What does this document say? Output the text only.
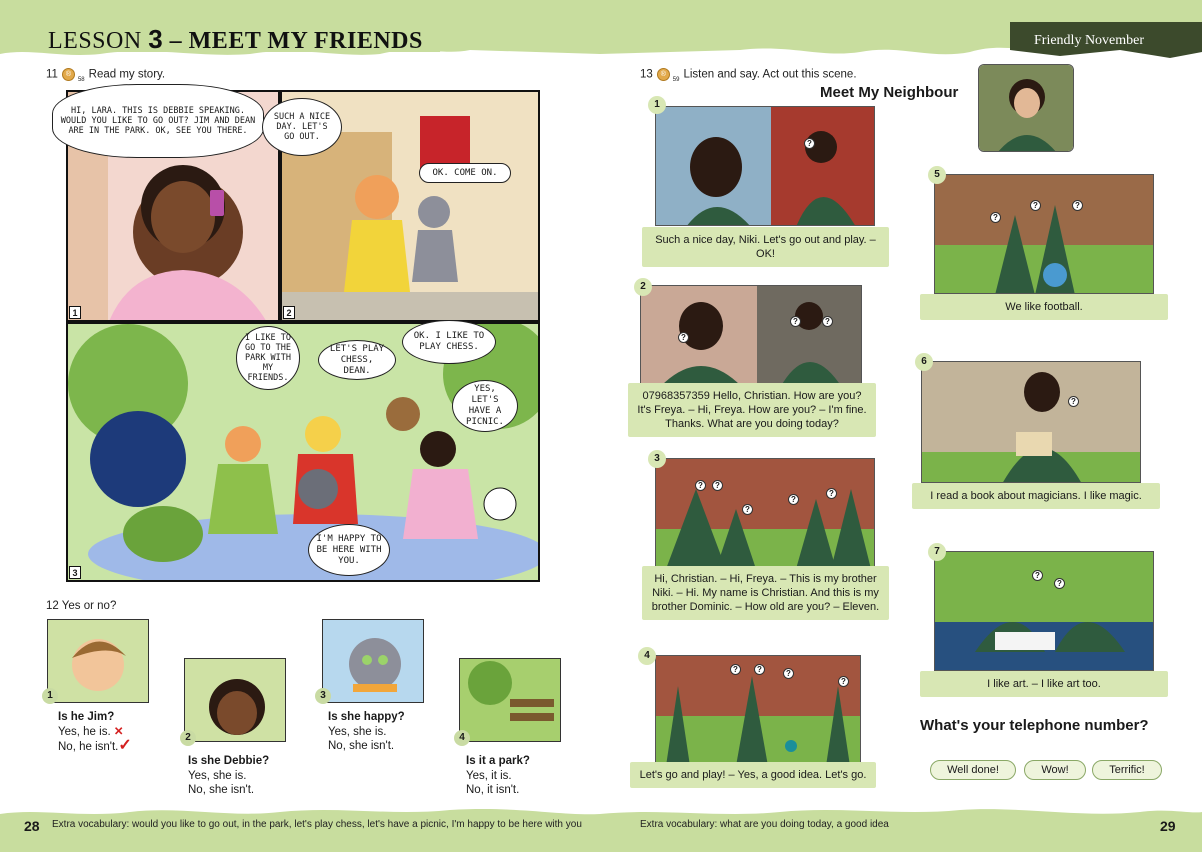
LESSON 3 – MEET MY FRIENDS	Friendly November
11 $®_{58}$ Read my story.
1
HI, LARA. THIS IS DEBBIE SPEAKING. WOULD YOU LIKE TO GO OUT? JIM AND DEAN ARE IN THE PARK. OK, SEE YOU THERE.
2
SUCH A NICE DAY. LET'S GO OUT.
OK. COME ON.
3
I LIKE TO GO TO THE PARK WITH MY FRIENDS.
LET'S PLAY CHESS, DEAN.
OK. I LIKE TO PLAY CHESS.
YES, LET'S HAVE A PICNIC.
I'M HAPPY TO BE HERE WITH YOU.
12 Yes or no?
1
Is he Jim?
Yes, he is. ✕
No, he isn't.✓	2
Is she Debbie?
Yes, she is.
No, she isn't.
3
Is she happy?
Yes, she is.
No, she isn't.
4
Is it a park?
Yes, it is.
No, it isn't.
13 $®_{59}$ Listen and say. Act out this scene.
Meet My Neighbour
1
Such a nice day, Niki. Let's go out and play. – OK!
2
07968357359 Hello, Christian. How are you? It's Freya. – Hi, Freya. How are you? – I'm fine. Thanks. What are you doing today?
3
Hi, Christian. – Hi, Freya. – This is my brother Niki. – Hi. My name is Christian. And this is my brother Dominic. – How old are you? – Eleven.
4
Let's go and play! – Yes, a good idea. Let's go.
5
We like football.
6
I read a book about magicians. I like magic.
7
I like art. – I like art too.
?
?
?	?
?	?
?
?
?
?	?	?
?
?
?	?
?
?
?
What's your telephone number?
Well done!	Wow!	Terrific!
28 Extra vocabulary: would you like to go out, in the park, let's play chess, let's have a picnic, I'm happy to be here with you	Extra vocabulary: what are you doing today, a good idea	29
